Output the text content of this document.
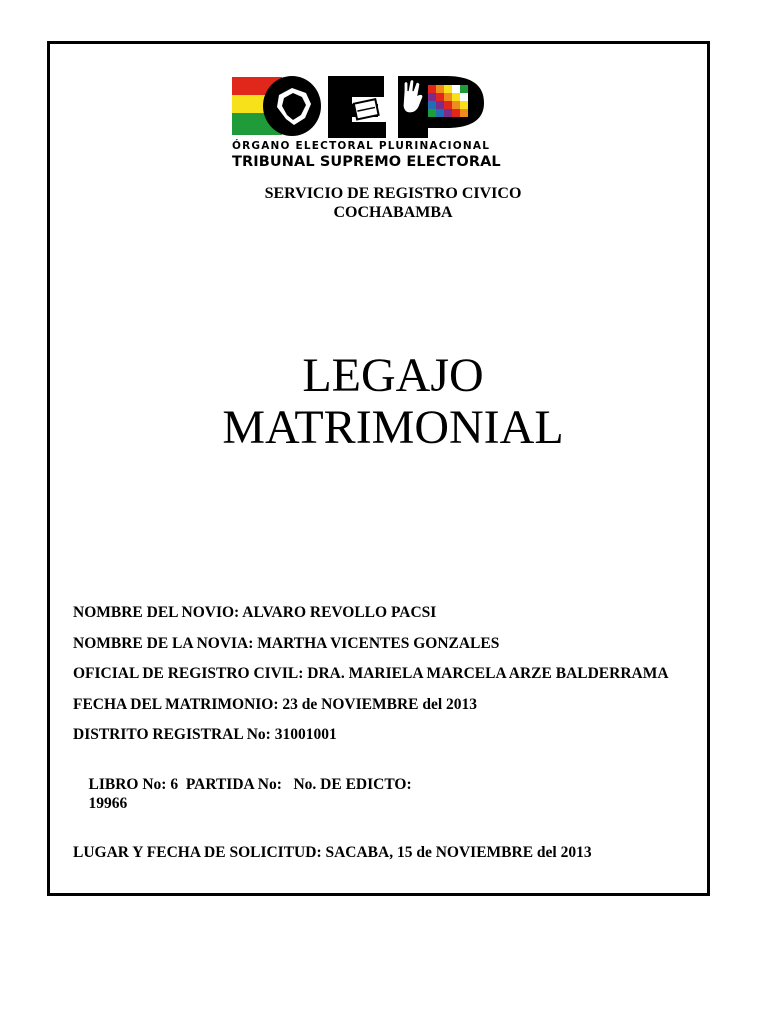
ÓRGANO ELECTORAL PLURINACIONAL
TRIBUNAL SUPREMO ELECTORAL
SERVICIO DE REGISTRO CIVICO
COCHABAMBA
LEGAJO
MATRIMONIAL
NOMBRE DEL NOVIO: ALVARO REVOLLO PACSI
NOMBRE DE LA NOVIA: MARTHA VICENTES GONZALES
OFICIAL DE REGISTRO CIVIL: DRA. MARIELA MARCELA ARZE BALDERRAMA
FECHA DEL MATRIMONIO: 23 de NOVIEMBRE del 2013
DISTRITO REGISTRAL No: 31001001

LIBRO No: 6  PARTIDA No:   No. DE EDICTO:
19966

LUGAR Y FECHA DE SOLICITUD: SACABA, 15 de NOVIEMBRE del 2013
